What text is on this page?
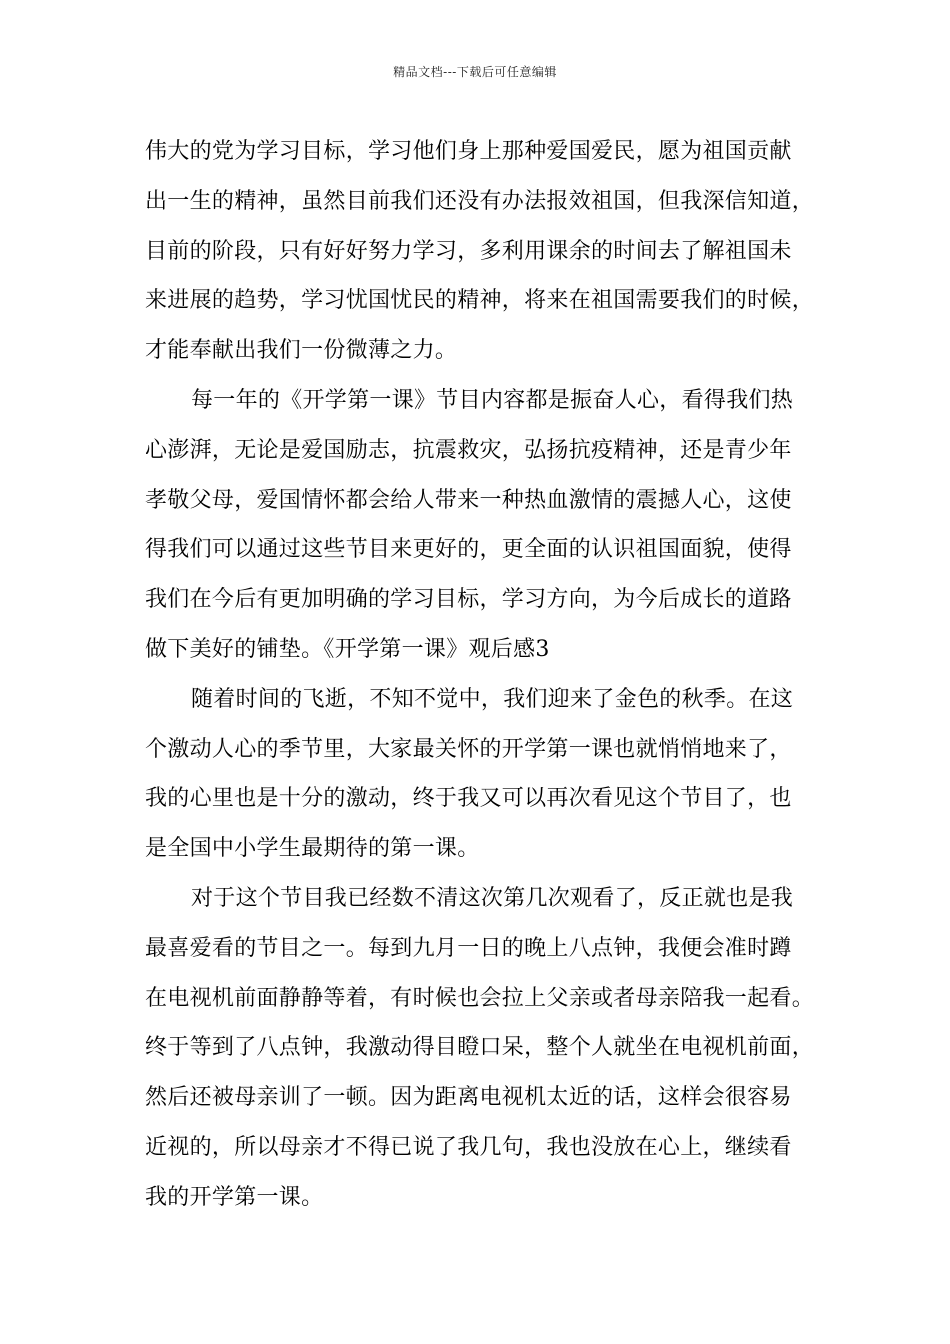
精品文档---下载后可任意编辑
伟大的党为学习目标，学习他们身上那种爱国爱民，愿为祖国贡献
出一生的精神，虽然目前我们还没有办法报效祖国，但我深信知道，
目前的阶段，只有好好努力学习，多利用课余的时间去了解祖国未
来进展的趋势，学习忧国忧民的精神，将来在祖国需要我们的时候，
才能奉献出我们一份微薄之力。
每一年的《开学第一课》节目内容都是振奋人心，看得我们热
心澎湃，无论是爱国励志，抗震救灾，弘扬抗疫精神，还是青少年
孝敬父母，爱国情怀都会给人带来一种热血激情的震撼人心，这使
得我们可以通过这些节目来更好的，更全面的认识祖国面貌，使得
我们在今后有更加明确的学习目标，学习方向，为今后成长的道路
做下美好的铺垫。《开学第一课》观后感3
随着时间的飞逝，不知不觉中，我们迎来了金色的秋季。在这
个激动人心的季节里，大家最关怀的开学第一课也就悄悄地来了，
我的心里也是十分的激动，终于我又可以再次看见这个节目了，也
是全国中小学生最期待的第一课。
对于这个节目我已经数不清这次第几次观看了，反正就也是我
最喜爱看的节目之一。每到九月一日的晚上八点钟，我便会准时蹲
在电视机前面静静等着，有时候也会拉上父亲或者母亲陪我一起看。
终于等到了八点钟，我激动得目瞪口呆，整个人就坐在电视机前面，
然后还被母亲训了一顿。因为距离电视机太近的话，这样会很容易
近视的，所以母亲才不得已说了我几句，我也没放在心上，继续看
我的开学第一课。
